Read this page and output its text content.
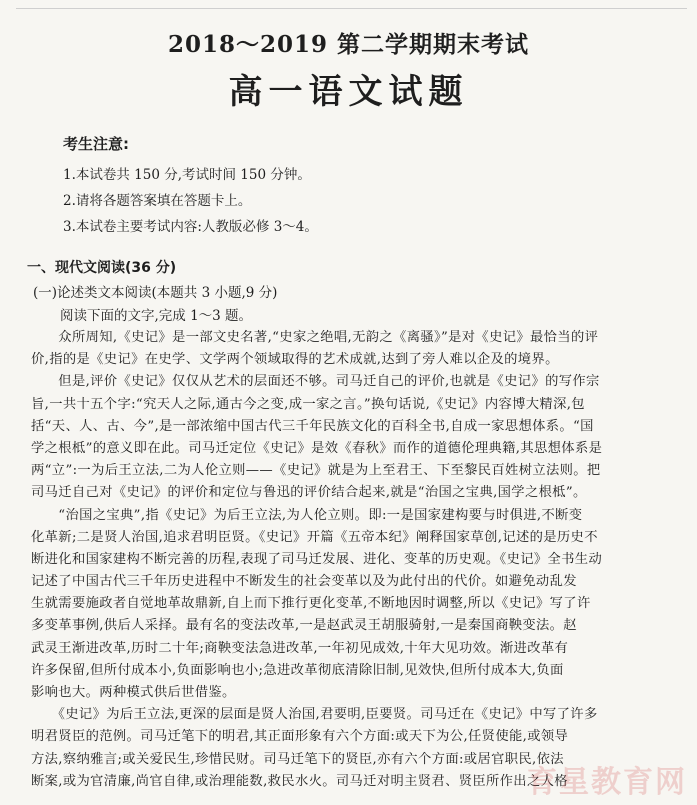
2018～2019 第二学期期末考试
高一语文试题
考生注意:
1.本试卷共 150 分,考试时间 150 分钟。
2.请将各题答案填在答题卡上。
3.本试卷主要考试内容:人教版必修 3～4。
一、现代文阅读(36 分)
(一)论述类文本阅读(本题共 3 小题,9 分)
阅读下面的文字,完成 1～3 题。
　　众所周知,《史记》是一部文史名著,“史家之绝唱,无韵之《离骚》”是对《史记》最恰当的评
价,指的是《史记》在史学、文学两个领域取得的艺术成就,达到了旁人难以企及的境界。
　　但是,评价《史记》仅仅从艺术的层面还不够。司马迁自己的评价,也就是《史记》的写作宗
旨,一共十五个字:“究天人之际,通古今之变,成一家之言。”换句话说,《史记》内容博大精深,包
括“天、人、古、今”,是一部浓缩中国古代三千年民族文化的百科全书,自成一家思想体系。“国
学之根柢”的意义即在此。司马迁定位《史记》是效《春秋》而作的道德伦理典籍,其思想体系是
两“立”:一为后王立法,二为人伦立则——《史记》就是为上至君王、下至黎民百姓树立法则。把
司马迁自己对《史记》的评价和定位与鲁迅的评价结合起来,就是“治国之宝典,国学之根柢”。
　　“治国之宝典”,指《史记》为后王立法,为人伦立则。即:一是国家建构要与时俱进,不断变
化革新;二是贤人治国,追求君明臣贤。《史记》开篇《五帝本纪》阐释国家草创,记述的是历史不
断进化和国家建构不断完善的历程,表现了司马迁发展、进化、变革的历史观。《史记》全书生动
记述了中国古代三千年历史进程中不断发生的社会变革以及为此付出的代价。如避免动乱发
生就需要施政者自觉地革故鼎新,自上而下推行更化变革,不断地因时调整,所以《史记》写了许
多变革事例,供后人采择。最有名的变法改革,一是赵武灵王胡服骑射,一是秦国商鞅变法。赵
武灵王渐进改革,历时二十年;商鞅变法急进改革,一年初见成效,十年大见功效。渐进改革有
许多保留,但所付成本小,负面影响也小;急进改革彻底清除旧制,见效快,但所付成本大,负面
影响也大。两种模式供后世借鉴。
　　《史记》为后王立法,更深的层面是贤人治国,君要明,臣要贤。司马迁在《史记》中写了许多
明君贤臣的范例。司马迁笔下的明君,其正面形象有六个方面:或天下为公,任贤使能,或领导
方法,察纳雅言;或关爱民生,珍惜民财。司马迁笔下的贤臣,亦有六个方面:或居官职民,依法
断案,或为官清廉,尚官自律,或治理能数,救民水火。司马迁对明主贤君、贤臣所作出之人格
育星教育网
